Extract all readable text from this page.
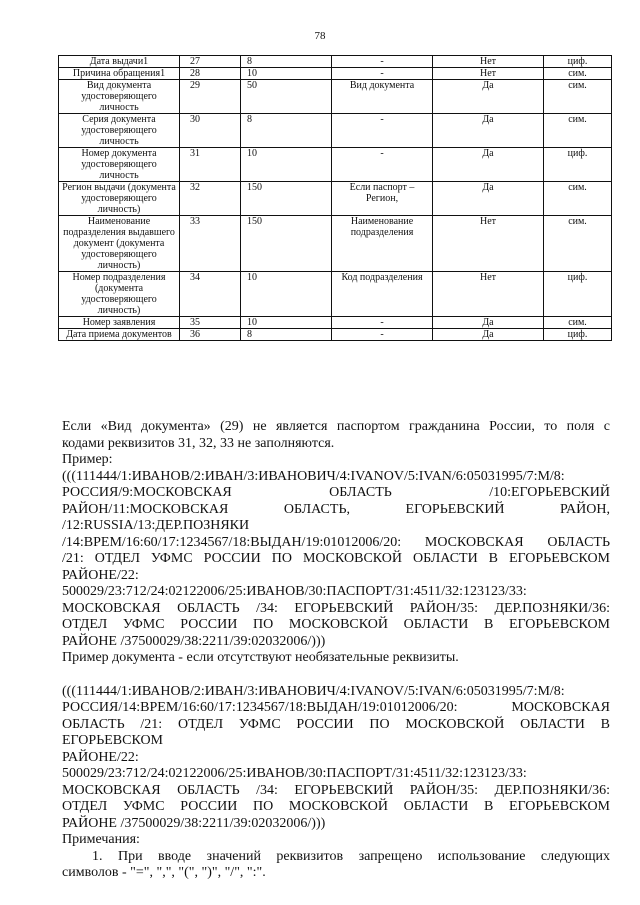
78
Дата выдачи1	27	8	-	Нет	циф.
Причина обращения1	28	10	-	Нет	сим.
Вид документа удостоверяющего личность	29	50	Вид документа	Да	сим.
Серия документа удостоверяющего личность	30	8	-	Да	сим.
Номер документа удостоверяющего личность	31	10	-	Да	циф.
Регион выдачи (документа удостоверяющего личность)	32	150	Если паспорт – Регион,	Да	сим.
Наименование подразделения выдавшего документ (документа удостоверяющего личность)	33	150	Наименование подразделения	Нет	сим.
Номер подразделения (документа удостоверяющего личность)	34	10	Код подразделения	Нет	циф.
Номер заявления	35	10	-	Да	сим.
Дата приема документов	36	8	-	Да	циф.

Если «Вид документа» (29) не является паспортом гражданина России, то поля с

кодами реквизитов 31, 32, 33 не заполняются.

Пример:

(((111444/1:ИВАНОВ/2:ИВАН/3:ИВАНОВИЧ/4:IVANOV/5:IVAN/6:05031995/7:M/8:

РОССИЯ/9:МОСКОВСКАЯ ОБЛАСТЬ /10:ЕГОРЬЕВСКИЙ

РАЙОН/11:МОСКОВСКАЯ ОБЛАСТЬ, ЕГОРЬЕВСКИЙ РАЙОН,

/12:RUSSIA/13:ДЕР.ПОЗНЯКИ

/14:ВРЕМ/16:60/17:1234567/18:ВЫДАН/19:01012006/20: МОСКОВСКАЯ ОБЛАСТЬ

/21: ОТДЕЛ УФМС РОССИИ ПО МОСКОВСКОЙ ОБЛАСТИ В ЕГОРЬЕВСКОМ

РАЙОНЕ/22:

500029/23:712/24:02122006/25:ИВАНОВ/30:ПАСПОРТ/31:4511/32:123123/33:

МОСКОВСКАЯ ОБЛАСТЬ /34: ЕГОРЬЕВСКИЙ РАЙОН/35: ДЕР.ПОЗНЯКИ/36:

ОТДЕЛ УФМС РОССИИ ПО МОСКОВСКОЙ ОБЛАСТИ В ЕГОРЬЕВСКОМ

РАЙОНЕ /37500029/38:2211/39:02032006/)))

Пример документа - если отсутствуют необязательные реквизиты.

(((111444/1:ИВАНОВ/2:ИВАН/3:ИВАНОВИЧ/4:IVANOV/5:IVAN/6:05031995/7:M/8:

РОССИЯ/14:ВРЕМ/16:60/17:1234567/18:ВЫДАН/19:01012006/20: МОСКОВСКАЯ

ОБЛАСТЬ /21: ОТДЕЛ УФМС РОССИИ ПО МОСКОВСКОЙ ОБЛАСТИ В

ЕГОРЬЕВСКОМ

РАЙОНЕ/22:

500029/23:712/24:02122006/25:ИВАНОВ/30:ПАСПОРТ/31:4511/32:123123/33:

МОСКОВСКАЯ ОБЛАСТЬ /34: ЕГОРЬЕВСКИЙ РАЙОН/35: ДЕР.ПОЗНЯКИ/36:

ОТДЕЛ УФМС РОССИИ ПО МОСКОВСКОЙ ОБЛАСТИ В ЕГОРЬЕВСКОМ

РАЙОНЕ /37500029/38:2211/39:02032006/)))

Примечания:

1. При вводе значений реквизитов запрещено использование следующих

символов - "=", ",", "(", ")", "/", ":".
